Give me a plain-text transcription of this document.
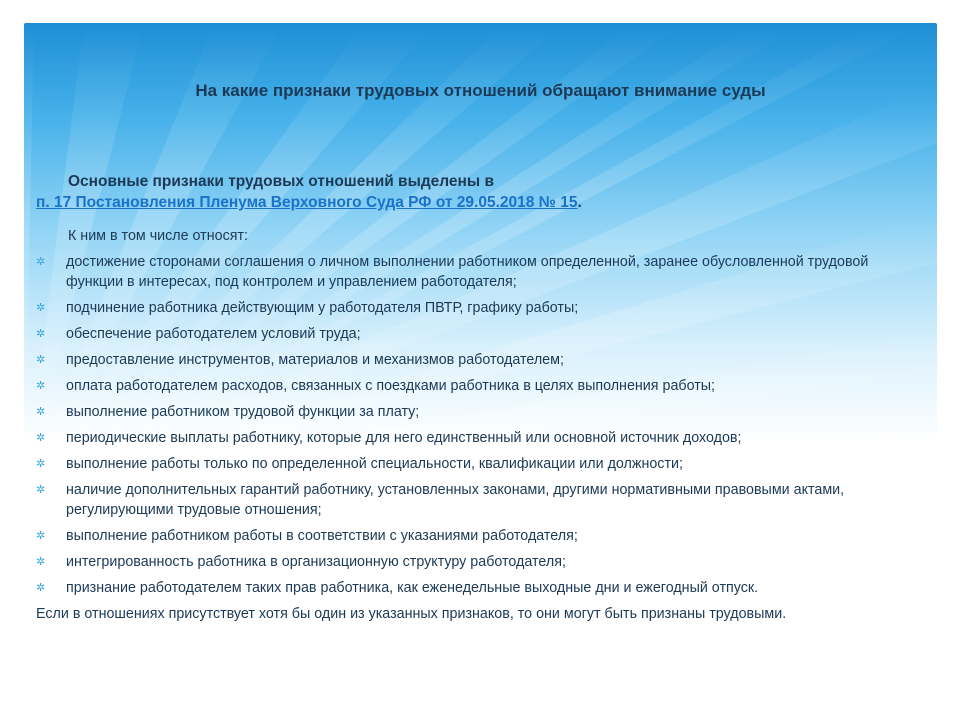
На какие признаки трудовых отношений обращают внимание суды
Основные признаки трудовых отношений выделены в
п. 17 Постановления Пленума Верховного Суда РФ от 29.05.2018 № 15.

К ним в том числе относят:

✲	достижение сторонами соглашения о личном выполнении работником определенной, заранее обусловленной трудовой функции в интересах, под контролем и управлением работодателя;
✲	подчинение работника действующим у работодателя ПВТР, графику работы;
✲	обеспечение работодателем условий труда;
✲	предоставление инструментов, материалов и механизмов работодателем;
✲	оплата работодателем расходов, связанных с поездками работника в целях выполнения работы;
✲	выполнение работником трудовой функции за плату;
✲	периодические выплаты работнику, которые для него единственный или основной источник доходов;
✲	выполнение работы только по определенной специальности, квалификации или должности;
✲	наличие дополнительных гарантий работнику, установленных законами, другими нормативными правовыми актами, регулирующими трудовые отношения;
✲	выполнение работником работы в соответствии с указаниями работодателя;
✲	интегрированность работника в организационную структуру работодателя;
✲	признание работодателем таких прав работника, как еженедельные выходные дни и ежегодный отпуск.
Если в отношениях присутствует хотя бы один из указанных признаков, то они могут быть признаны трудовыми.
